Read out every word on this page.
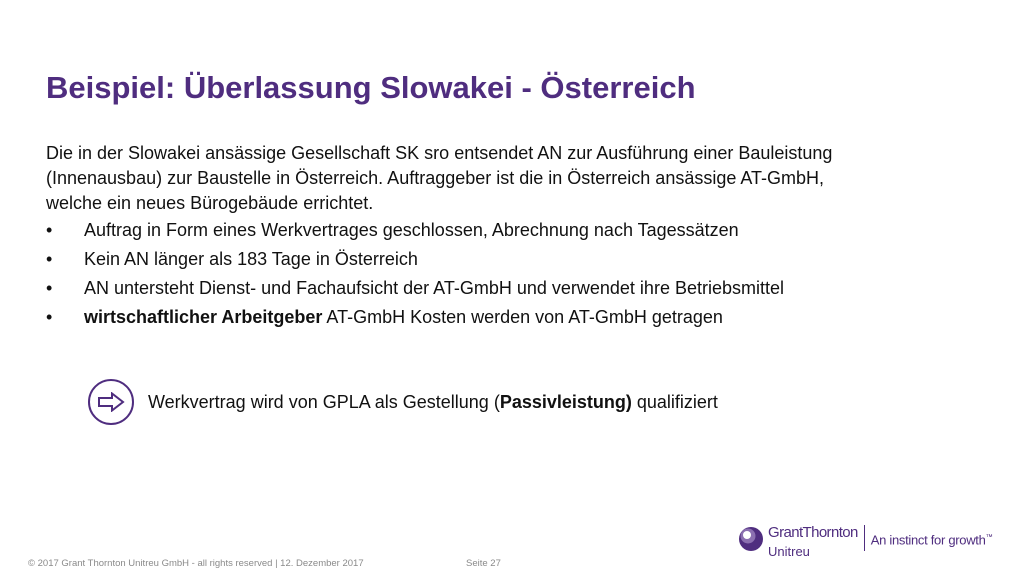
Beispiel: Überlassung Slowakei - Österreich

Die in der Slowakei ansässige Gesellschaft SK sro entsendet AN zur Ausführung einer Bauleistung (Innenausbau) zur Baustelle in Österreich. Auftraggeber ist die in Österreich ansässige AT-GmbH, welche ein neues Bürogebäude errichtet.

• Auftrag in Form eines Werkvertrages geschlossen, Abrechnung nach Tagessätzen
• Kein AN länger als 183 Tage in Österreich
• AN untersteht Dienst- und Fachaufsicht der AT-GmbH und verwendet ihre Betriebsmittel
• wirtschaftlicher Arbeitgeber AT-GmbH Kosten werden von AT-GmbH getragen
Werkvertrag wird von GPLA als Gestellung (Passivleistung) qualifiziert
© 2017 Grant Thornton Unitreu GmbH - all rights reserved | 12. Dezember 2017	Seite 27
GrantThornton
Unitreu
An instinct for growth™
